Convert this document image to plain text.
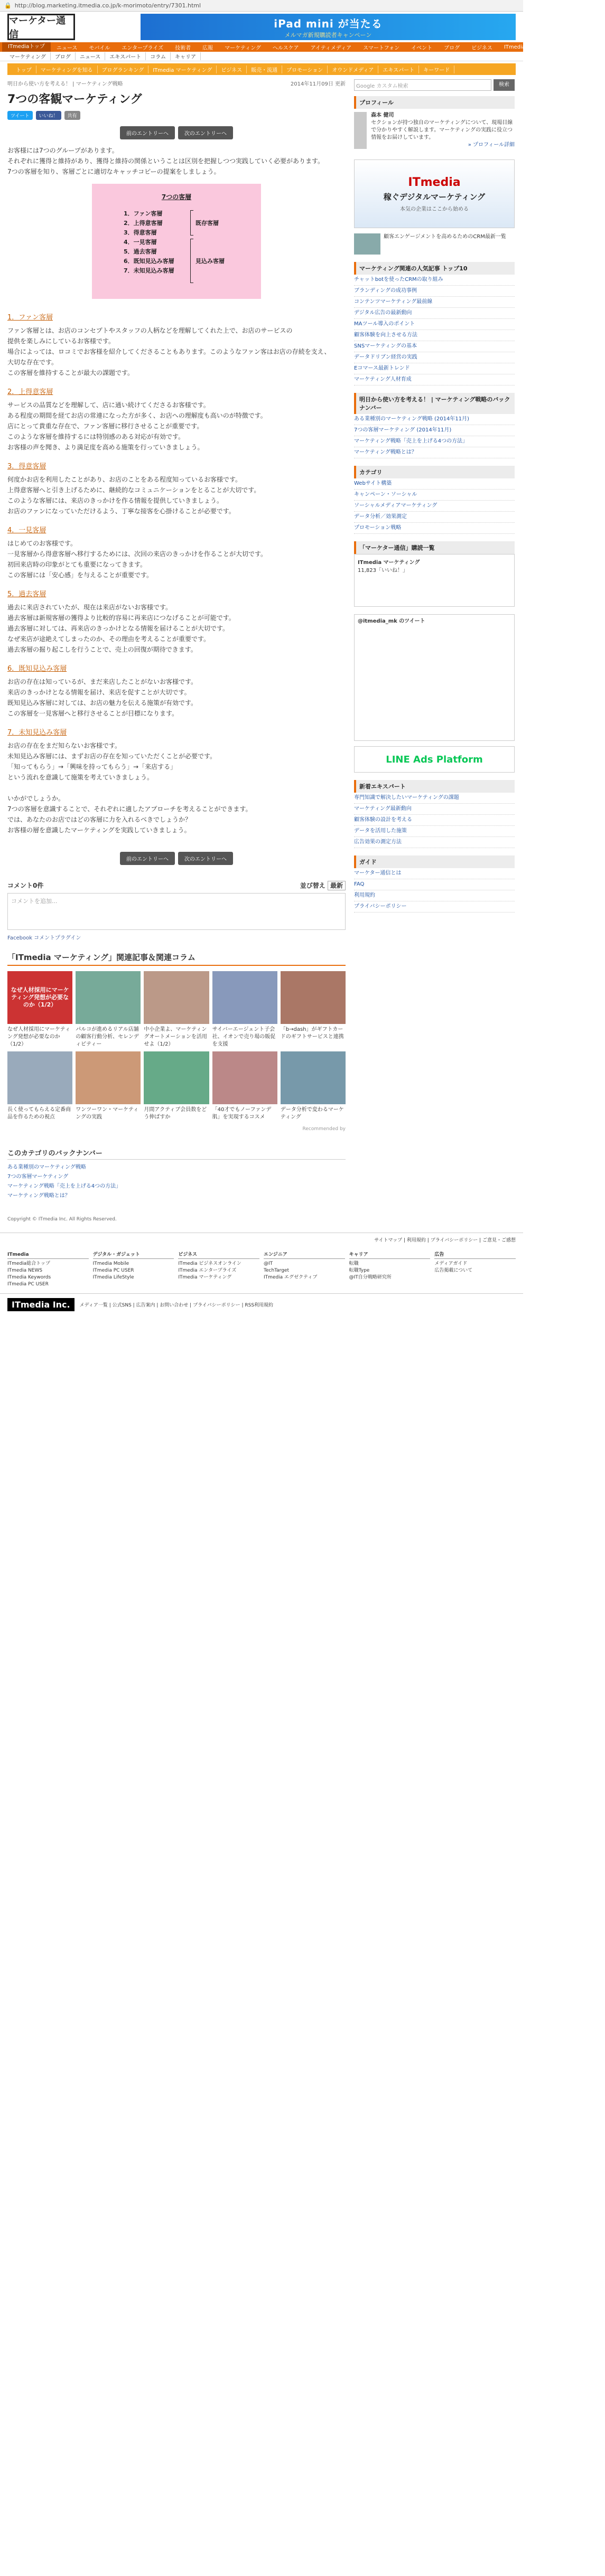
🔒 http://blog.marketing.itmedia.co.jp/k-morimoto/entry/7301.html
マーケター通信
iPad mini が当たる
メルマガ新規購読者キャンペーン
ITmediaトップ	ニュース	モバイル	エンタープライズ	技術者	広報	マーケティング	ヘルスケア	アイティメディア	スマートフォン	イベント	ブログ	ビジネス	ITmedia	TechTarget	Keyword
マーケティング	ブログ	ニュース	エキスパート	コラム	キャリア
トップ	マーケティングを知る	ブログランキング	ITmedia マーケティング	ビジネス	販売・流通	プロモーション	オウンドメディア	エキスパート	キーワード
明日から使い方を考える！ | マーケティング戦略	2014年11月09日 更新
7つの客観マーケティング
ツイート	いいね！	共有
前のエントリーへ	次のエントリーへ
お客様には7つのグループがあります。
それぞれに獲得と維持があり、獲得と維持の関係ということは区別を把握しつつ実践していく必要があります。
7つの客層を知り、客層ごとに適切なキャッチコピーの提案をしましょう。
7つの客層
1．ファン客層
2．上得意客層
3．得意客層
4．一見客層
5．過去客層
6．既知見込み客層
7．未知見込み客層
既存客層
見込み客層
1．ファン客層
ファン客層とは、お店のコンセプトやスタッフの人柄などを理解してくれた上で、お店のサービスの
提供を楽しみにしているお客様です。
場合によっては、ロコミでお客様を紹介してくださることもあります。このようなファン客はお店の存続を支え、
大切な存在です。
この客層を維持することが最大の課題です。
2．上得意客層
サービスの品質などを理解して、店に通い続けてくださるお客様です。
ある程度の期間を経てお店の常連になった方が多く、お店への理解度も高いのが特徴です。
店にとって貴重な存在で、ファン客層に移行させることが重要です。
このような客層を維持するには特別感のある対応が有効です。
お客様の声を聞き、より満足度を高める施策を行っていきましょう。
3．得意客層
何度かお店を利用したことがあり、お店のことをある程度知っているお客様です。
上得意客層へと引き上げるために、継続的なコミュニケーションをとることが大切です。
このような客層には、来店のきっかけを作る情報を提供していきましょう。
お店のファンになっていただけるよう、丁寧な接客を心掛けることが必要です。
4．一見客層
はじめてのお客様です。
一見客層から得意客層へ移行するためには、次回の来店のきっかけを作ることが大切です。
初回来店時の印象がとても重要になってきます。
この客層には「安心感」を与えることが重要です。
5．過去客層
過去に来店されていたが、現在は来店がないお客様です。
過去客層は新規客層の獲得より比較的容易に再来店につなげることが可能です。
過去客層に対しては、再来店のきっかけとなる情報を届けることが大切です。
なぜ来店が途絶えてしまったのか、その理由を考えることが重要です。
過去客層の掘り起こしを行うことで、売上の回復が期待できます。
6．既知見込み客層
お店の存在は知っているが、まだ来店したことがないお客様です。
来店のきっかけとなる情報を届け、来店を促すことが大切です。
既知見込み客層に対しては、お店の魅力を伝える施策が有効です。
この客層を一見客層へと移行させることが目標になります。
7．未知見込み客層
お店の存在をまだ知らないお客様です。
未知見込み客層には、まずお店の存在を知っていただくことが必要です。
「知ってもらう」→「興味を持ってもらう」→「来店する」
という流れを意識して施策を考えていきましょう。
いかがでしょうか。
7つの客層を意識することで、それぞれに適したアプローチを考えることができます。
では、あなたのお店ではどの客層に力を入れるべきでしょうか？
お客様の層を意識したマーケティングを実践していきましょう。
前のエントリーへ	次のエントリーへ
コメント0件	並び替え 最新
コメントを追加...
Facebook コメントプラグイン
「ITmedia マーケティング」関連記事＆関連コラム
なぜ人材採用にマーケティング発想が必要なのか（1/2）
なぜ人材採用にマーケティング発想が必要なのか（1/2）
パルコが進めるリアル店舗の顧客行動分析、セレンディピティー
中小企業よ、マーケティングオートメーションを活用せよ（1/2）
サイバーエージェント子会社、イオンで売り場の販促を支援
「b→dash」がギフトカードのギフトサービスと連携
長く使ってもらえる定番商品を作るための視点
ワンツーワン・マーケティングの実践
月間アクティブ会員数をどう伸ばすか
「40才でもノーファンデ肌」を実現するコスメ
データ分析で変わるマーケティング
Recommended by
このカテゴリのバックナンバー
ある業種別のマーケティング戦略
7つの客層マーケティング
マーケティング戦略「売上を上げる4つの方法」
マーケティング戦略とは？
Copyright © ITmedia Inc. All Rights Reserved.
Google カスタム検索	検索
プロフィール
森本 健司
セクションが持つ独自のマーケティングについて、現場目線で分かりやすく解説します。マーケティングの実践に役立つ情報をお届けしています。
» プロフィール詳細
ITmedia
稼ぐデジタルマーケティング
本気の企業はここから始める
顧客エンゲージメントを高めるためのCRM最新一覧
マーケティング関連の人気記事 トップ10
チャットbotを使ったCRMの取り組み
ブランディングの成功事例
コンテンツマーケティング最前線
デジタル広告の最新動向
MAツール導入のポイント
顧客体験を向上させる方法
SNSマーケティングの基本
データドリブン経営の実践
Eコマース最新トレンド
マーケティング人材育成
明日から使い方を考える！ | マーケティング戦略のバックナンバー
ある業種別のマーケティング戦略 (2014年11月)
7つの客層マーケティング (2014年11月)
マーケティング戦略「売上を上げる4つの方法」
マーケティング戦略とは？
カテゴリ
Webサイト構築
キャンペーン・ソーシャル
ソーシャルメディアマーケティング
データ分析／効果測定
プロモーション戦略
「マーケター通信」購読一覧
ITmedia マーケティング
11,823「いいね！」
@itmedia_mk のツイート
LINE Ads Platform
新着エキスパート
専門知識で解決したいマーケティングの課題
マーケティング最新動向
顧客体験の設計を考える
データを活用した施策
広告効果の測定方法
ガイド
マーケター通信とは
FAQ
利用規約
プライバシーポリシー
サイトマップ | 利用規約 | プライバシーポリシー | ご意見・ご感想
ITmedia
ITmedia総合トップ
ITmedia NEWS
ITmedia Keywords
ITmedia PC USER
デジタル・ガジェット
ITmedia Mobile
ITmedia PC USER
ITmedia LifeStyle
ビジネス
ITmedia ビジネスオンライン
ITmedia エンタープライズ
ITmedia マーケティング
エンジニア
@IT
TechTarget
ITmedia エグゼクティブ
キャリア
転職
転職Type
@IT自分戦略研究所
広告
メディアガイド
広告掲載について
ITmedia Inc.	メディア一覧 | 公式SNS | 広告案内 | お問い合わせ | プライバシーポリシー | RSS利用規約
